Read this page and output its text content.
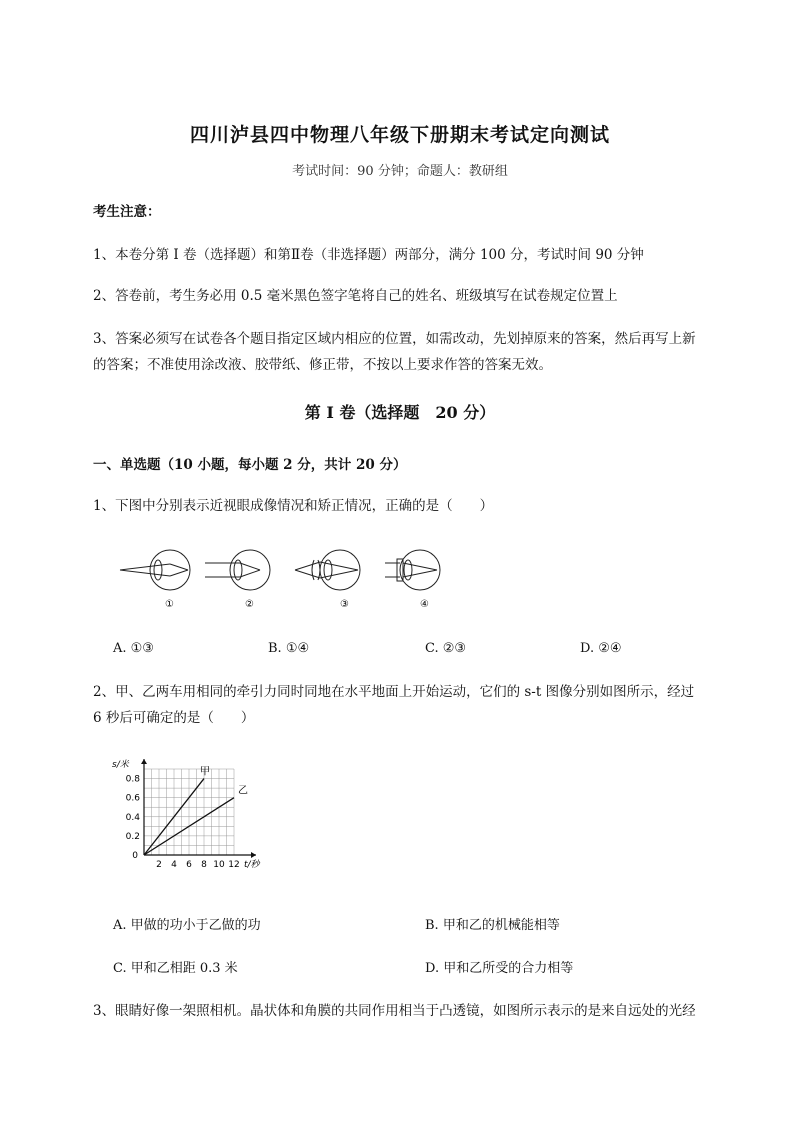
四川泸县四中物理八年级下册期末考试定向测试
考试时间：90 分钟；命题人：教研组
考生注意：
1、本卷分第 I 卷（选择题）和第Ⅱ卷（非选择题）两部分，满分 100 分，考试时间 90 分钟
2、答卷前，考生务必用 0.5 毫米黑色签字笔将自己的姓名、班级填写在试卷规定位置上
3、答案必须写在试卷各个题目指定区域内相应的位置，如需改动，先划掉原来的答案，然后再写上新
的答案；不准使用涂改液、胶带纸、修正带，不按以上要求作答的答案无效。
第 I 卷（选择题　20 分）
一、单选题（10 小题，每小题 2 分，共计 20 分）
1、下图中分别表示近视眼成像情况和矫正情况，正确的是（　　）
①	②	③	④
A. ①③	B. ①④	C. ②③	D. ②④
2、甲、乙两车用相同的牵引力同时同地在水平地面上开始运动，它们的 s-t 图像分别如图所示，经过
6 秒后可确定的是（　　）
甲
乙
2 4 6 8 10 12
0.2
0.4
0.6
0.8
0
t/秒
s/米
A. 甲做的功小于乙做的功	B. 甲和乙的机械能相等
C. 甲和乙相距 0.3 米	D. 甲和乙所受的合力相等
3、眼睛好像一架照相机。晶状体和角膜的共同作用相当于凸透镜，如图所示表示的是来自远处的光经
